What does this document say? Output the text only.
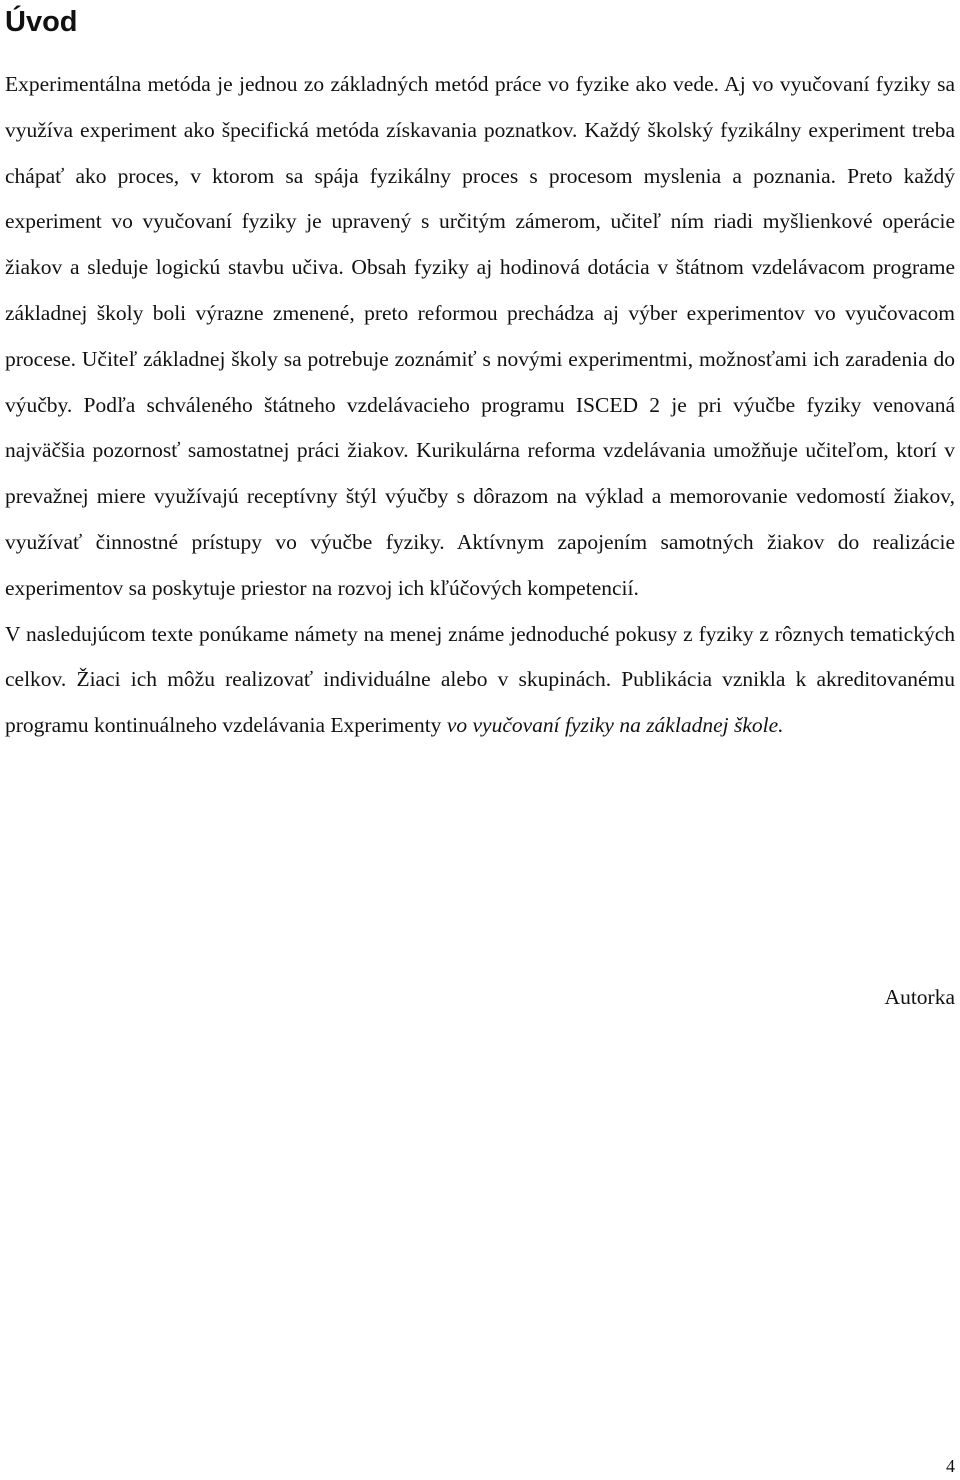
Úvod

Experimentálna metóda je jednou zo základných metód práce vo fyzike ako vede. Aj vo vyučovaní fyziky sa využíva experiment ako špecifická metóda získavania poznatkov. Každý školský fyzikálny experiment treba chápať ako proces, v ktorom sa spája fyzikálny proces s procesom myslenia a poznania. Preto každý experiment vo vyučovaní fyziky je upravený s určitým zámerom, učiteľ ním riadi myšlienkové operácie žiakov a sleduje logickú stavbu učiva. Obsah fyziky aj hodinová dotácia v štátnom vzdelávacom programe základnej školy boli výrazne zmenené, preto reformou prechádza aj výber experimentov vo vyučovacom procese. Učiteľ základnej školy sa potrebuje zoznámiť s novými experimentmi, možnosťami ich zaradenia do výučby. Podľa schváleného štátneho vzdelávacieho programu ISCED 2 je pri výučbe fyziky venovaná najväčšia pozornosť samostatnej práci žiakov. Kurikulárna reforma vzdelávania umožňuje učiteľom, ktorí v prevažnej miere využívajú receptívny štýl výučby s dôrazom na výklad a memorovanie vedomostí žiakov, využívať činnostné prístupy vo výučbe fyziky. Aktívnym zapojením samotných žiakov do realizácie experimentov sa poskytuje priestor na rozvoj ich kľúčových kompetencií.

V nasledujúcom texte ponúkame námety na menej známe jednoduché pokusy z fyziky z rôznych tematických celkov. Žiaci ich môžu realizovať individuálne alebo v skupinách. Publikácia vznikla k akreditovanému programu kontinuálneho vzdelávania Experimenty vo vyučovaní fyziky na základnej škole.

Autorka

4
